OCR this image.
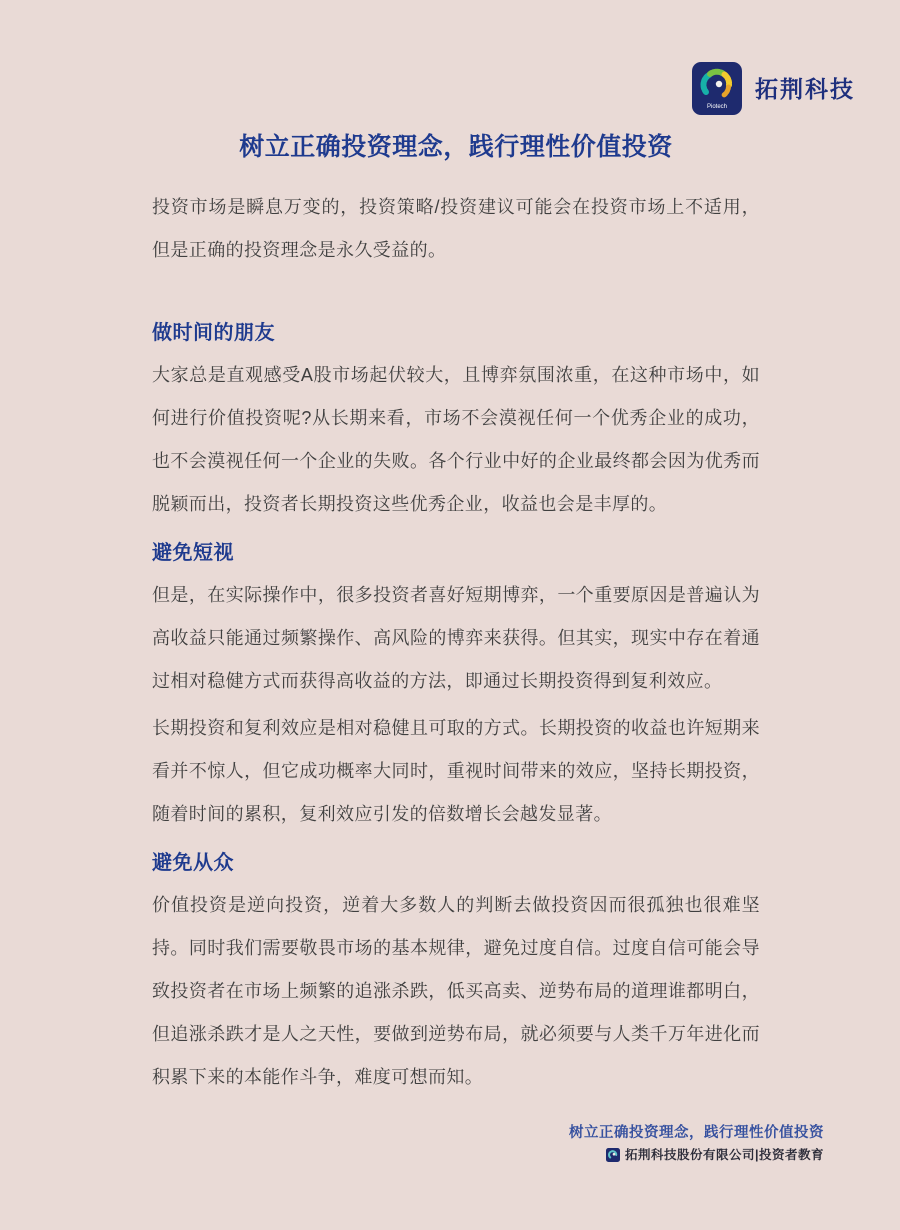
Piotech
拓荆科技
树立正确投资理念，践行理性价值投资

投资市场是瞬息万变的，投资策略/投资建议可能会在投资市场上不适用，但是正确的投资理念是永久受益的。

做时间的朋友

大家总是直观感受A股市场起伏较大，且博弈氛围浓重，在这种市场中，如何进行价值投资呢?从长期来看，市场不会漠视任何一个优秀企业的成功，也不会漠视任何一个企业的失败。各个行业中好的企业最终都会因为优秀而脱颖而出，投资者长期投资这些优秀企业，收益也会是丰厚的。

避免短视

但是，在实际操作中，很多投资者喜好短期博弈，一个重要原因是普遍认为高收益只能通过频繁操作、高风险的博弈来获得。但其实，现实中存在着通过相对稳健方式而获得高收益的方法，即通过长期投资得到复利效应。

长期投资和复利效应是相对稳健且可取的方式。长期投资的收益也许短期来看并不惊人，但它成功概率大同时，重视时间带来的效应，坚持长期投资，随着时间的累积，复利效应引发的倍数增长会越发显著。

避免从众

价值投资是逆向投资，逆着大多数人的判断去做投资因而很孤独也很难坚持。同时我们需要敬畏市场的基本规律，避免过度自信。过度自信可能会导致投资者在市场上频繁的追涨杀跌，低买高卖、逆势布局的道理谁都明白，但追涨杀跌才是人之天性，要做到逆势布局，就必须要与人类千万年进化而积累下来的本能作斗争，难度可想而知。

树立正确投资理念，践行理性价值投资
拓荆科技股份有限公司|投资者教育
